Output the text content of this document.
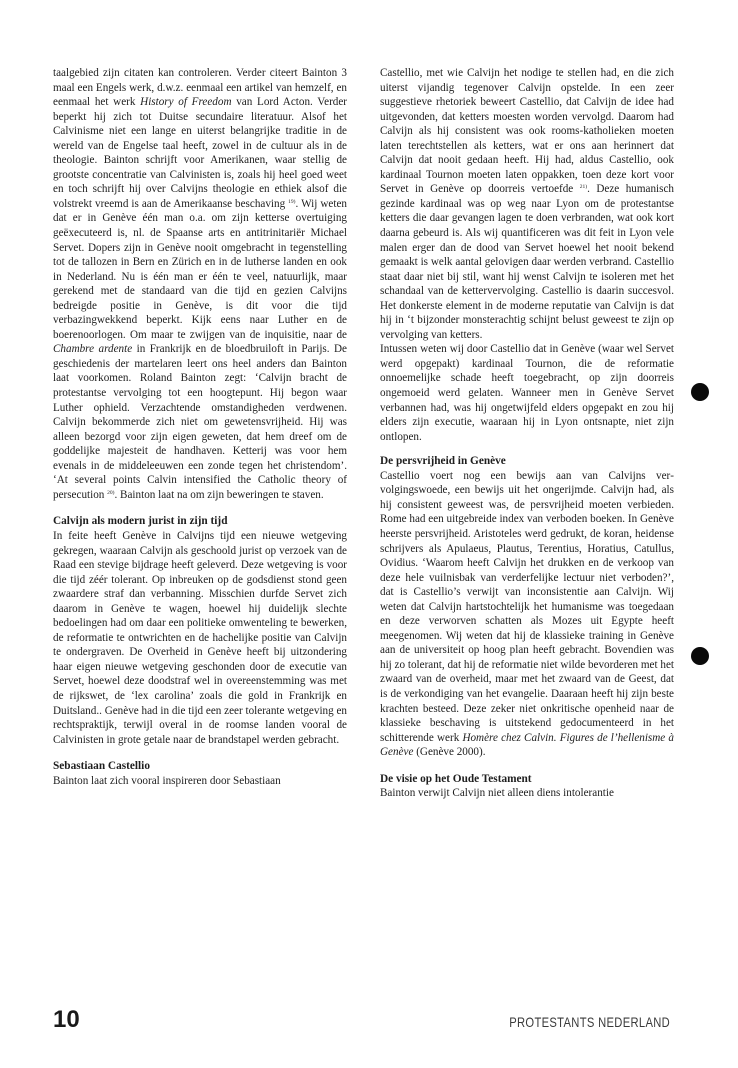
taalgebied zijn citaten kan controleren. Verder citeert Bainton 3 maal een Engels werk, d.w.z. eenmaal een artikel van hemzelf, en eenmaal het werk History of Freedom van Lord Acton. Verder beperkt hij zich tot Duitse secundaire literatuur. Alsof het Calvinisme niet een lange en uiterst belangrijke traditie in de wereld van de Engelse taal heeft, zowel in de cultuur als in de theologie. Bainton schrijft voor Amerikanen, waar stellig de grootste concentratie van Calvinisten is, zoals hij heel goed weet en toch schrijft hij over Calvijns theologie en ethiek alsof die volstrekt vreemd is aan de Amerikaanse beschaving $^{19)}$. Wij weten dat er in Genève één man o.a. om zijn ketterse overtuiging geëxecuteerd is, nl. de Spaanse arts en antitrinitariër Michael Servet. Dopers zijn in Genève nooit omgebracht in tegenstelling tot de tallozen in Bern en Zürich en in de lutherse landen en ook in Nederland. Nu is één man er één te veel, natuurlijk, maar gerekend met de standaard van die tijd en gezien Calvijns bedreigde positie in Genève, is dit voor die tijd verbazingwekkend beperkt. Kijk eens naar Luther en de boerenoorlogen. Om maar te zwijgen van de inquisitie, naar de Chambre ardente in Frankrijk en de bloedbruiloft in Parijs. De geschiedenis der martelaren leert ons heel anders dan Bainton laat voorkomen. Roland Bainton zegt: ‘Calvijn bracht de protestantse vervolging tot een hoogtepunt. Hij begon waar Luther ophield. Verzachtende omstandigheden verdwenen. Calvijn bekommerde zich niet om gewetensvrijheid. Hij was alleen bezorgd voor zijn eigen geweten, dat hem dreef om de goddelijke majesteit de handhaven. Ketterij was voor hem evenals in de middeleeuwen een zonde tegen het christendom’. ‘At several points Calvin intensified the Catholic theory of persecution $^{20)}$. Bainton laat na om zijn beweringen te staven.

Calvijn als modern jurist in zijn tijd

In feite heeft Genève in Calvijns tijd een nieuwe wetgeving gekregen, waaraan Calvijn als geschoold jurist op verzoek van de Raad een stevige bijdrage heeft geleverd. Deze wetgeving is voor die tijd zéér tolerant. Op inbreuken op de godsdienst stond geen zwaardere straf dan verbanning. Misschien durfde Servet zich daarom in Genève te wagen, hoewel hij duidelijk slechte bedoelingen had om daar een politieke omwenteling te bewerken, de reformatie te ontwrichten en de hachelijke positie van Calvijn te ondergraven. De Overheid in Genève heeft bij uitzondering haar eigen nieuwe wetgeving geschonden door de executie van Servet, hoewel deze doodstraf wel in overeenstemming was met de rijkswet, de ‘lex carolina’ zoals die gold in Frankrijk en Duitsland.. Genève had in die tijd een zeer tolerante wetgeving en rechtspraktijk, terwijl overal in de roomse landen vooral de Calvinisten in grote getale naar de brandstapel werden gebracht.

Sebastiaan Castellio

Bainton laat zich vooral inspireren door Sebastiaan

Castellio, met wie Calvijn het nodige te stellen had, en die zich uiterst vijandig tegenover Calvijn opstelde. In een zeer suggestieve rhetoriek beweert Castellio, dat Calvijn de idee had uitgevonden, dat ketters moesten worden vervolgd. Daarom had Calvijn als hij consistent was ook rooms-katholieken moeten laten terechtstellen als ketters, wat er ons aan herinnert dat Calvijn dat nooit gedaan heeft. Hij had, aldus Castellio, ook kardinaal Tournon moeten laten oppakken, toen deze kort voor Servet in Genève op doorreis vertoefde $^{21)}$. Deze humanisch gezinde kardinaal was op weg naar Lyon om de protestantse ketters die daar gevangen lagen te doen verbranden, wat ook kort daarna gebeurd is. Als wij quantificeren was dit feit in Lyon vele malen erger dan de dood van Servet hoewel het nooit bekend gemaakt is welk aantal gelovigen daar werden verbrand. Castellio staat daar niet bij stil, want hij wenst Calvijn te isoleren met het schandaal van de kettervervolging. Castellio is daarin succesvol. Het donkerste element in de moderne reputatie van Calvijn is dat hij in ‘t bijzonder monsterachtig schijnt belust geweest te zijn op vervolging van ketters.

Intussen weten wij door Castellio dat in Genève (waar wel Servet werd opgepakt) kardinaal Tournon, die de reformatie onnoemelijke schade heeft toegebracht, op zijn doorreis ongemoeid werd gelaten. Wanneer men in Genève Servet verbannen had, was hij ongetwijfeld elders opgepakt en zou hij elders zijn executie, waaraan hij in Lyon ontsnapte, niet zijn ontlopen.

De persvrijheid in Genève

Castellio voert nog een bewijs aan van Calvijns vervolgingswoede, een bewijs uit het ongerijmde. Calvijn had, als hij consistent geweest was, de persvrijheid moeten verbieden. Rome had een uitgebreide index van verboden boeken. In Genève heerste persvrijheid. Aristoteles werd gedrukt, de koran, heidense schrijvers als Apulaeus, Plautus, Terentius, Horatius, Catullus, Ovidius. ‘Waarom heeft Calvijn het drukken en de verkoop van deze hele vuilnisbak van verderfelijke lectuur niet verboden?’, dat is Castellio’s verwijt van inconsistentie aan Calvijn. Wij weten dat Calvijn hartstochtelijk het humanisme was toegedaan en deze verworven schatten als Mozes uit Egypte heeft meegenomen. Wij weten dat hij de klassieke training in Genève aan de universiteit op hoog plan heeft gebracht. Bovendien was hij zo tolerant, dat hij de reformatie niet wilde bevorderen met het zwaard van de overheid, maar met het zwaard van de Geest, dat is de verkondiging van het evangelie. Daaraan heeft hij zijn beste krachten besteed. Deze zeker niet onkritische openheid naar de klassieke beschaving is uitstekend gedocumenteerd in het schitterende werk Homère chez Calvin. Figures de l’hellenisme à Genève (Genève 2000).

De visie op het Oude Testament

Bainton verwijt Calvijn niet alleen diens intolerantie

10	PROTESTANTS NEDERLAND
